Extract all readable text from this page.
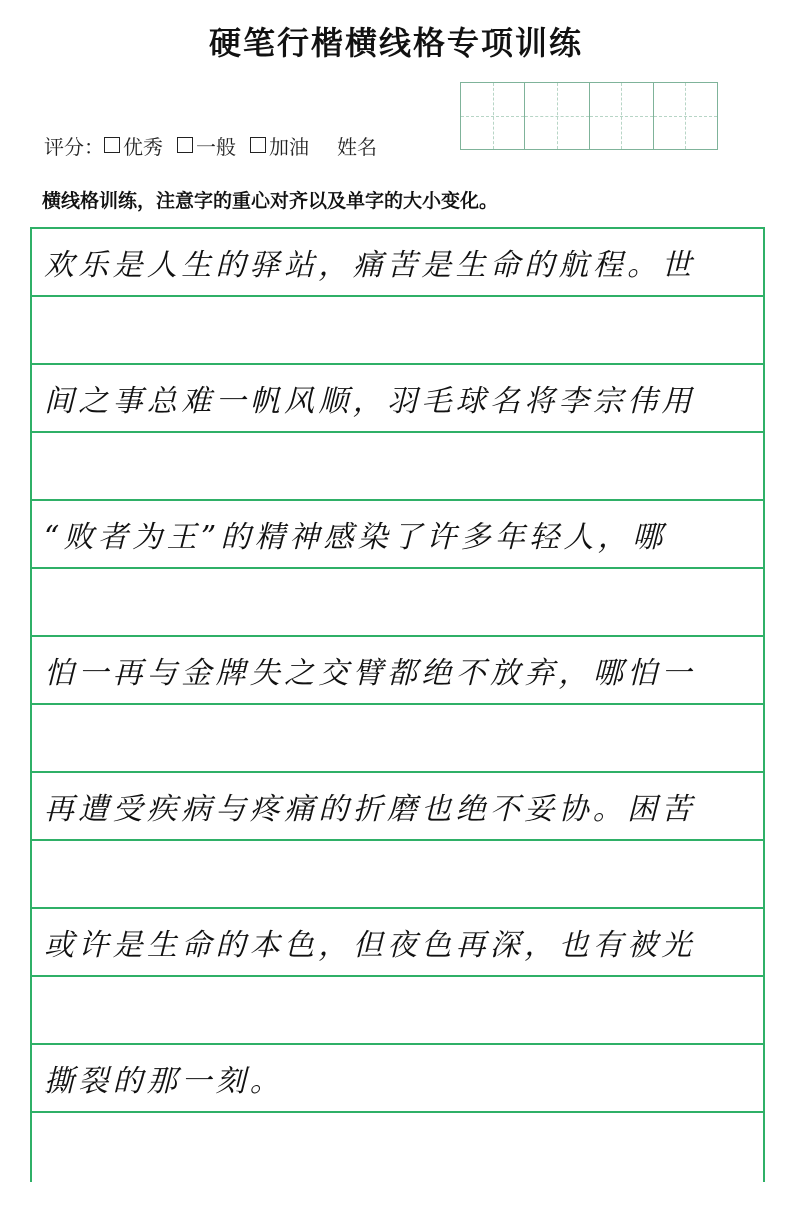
硬笔行楷横线格专项训练
评分： 优秀 一般 加油 姓名
横线格训练，注意字的重心对齐以及单字的大小变化。
欢乐是人生的驿站，痛苦是生命的航程。世
间之事总难一帆风顺，羽毛球名将李宗伟用
“败者为王”的精神感染了许多年轻人，哪
怕一再与金牌失之交臂都绝不放弃，哪怕一
再遭受疾病与疼痛的折磨也绝不妥协。困苦
或许是生命的本色，但夜色再深，也有被光
撕裂的那一刻。
